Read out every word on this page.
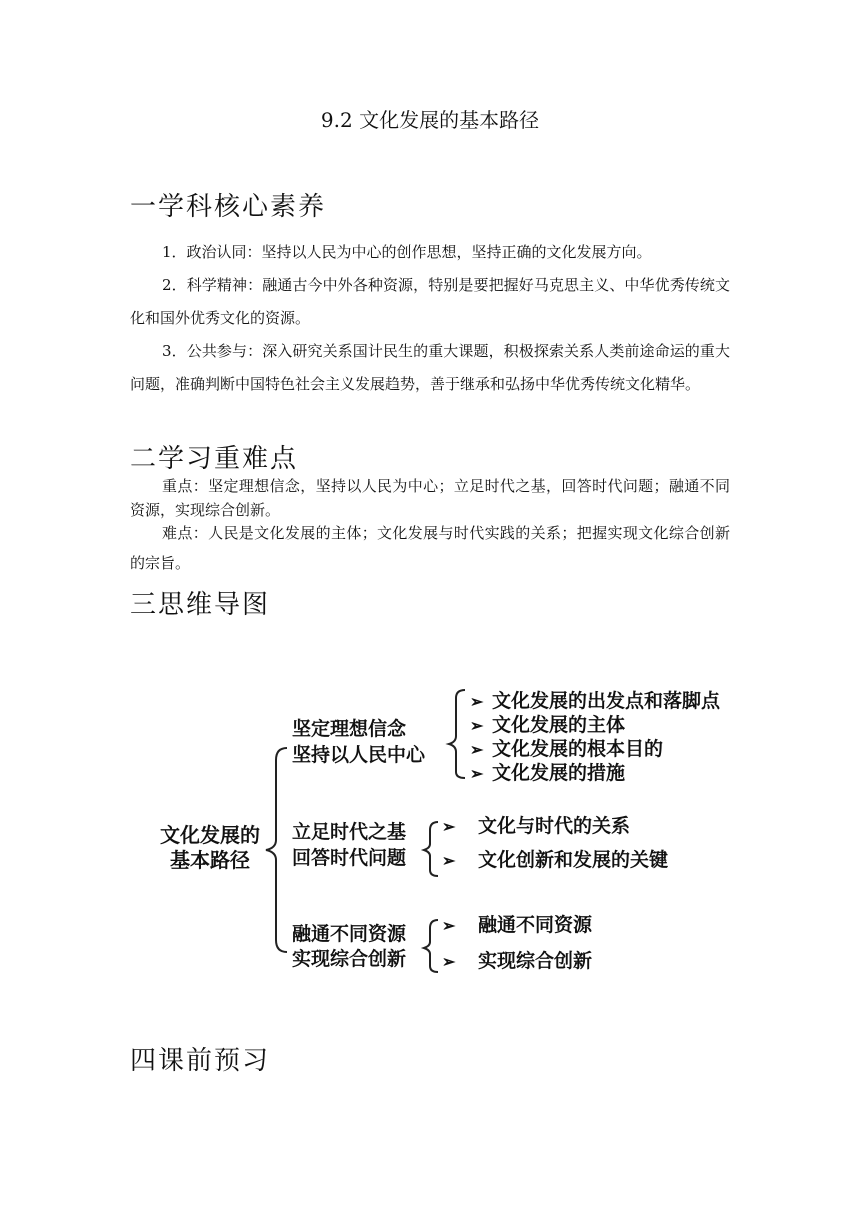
9.2 文化发展的基本路径
一学科核心素养

1．政治认同：坚持以人民为中心的创作思想，坚持正确的文化发展方向。

2．科学精神：融通古今中外各种资源，特别是要把握好马克思主义、中华优秀传统文化和国外优秀文化的资源。

3．公共参与：深入研究关系国计民生的重大课题，积极探索关系人类前途命运的重大问题，准确判断中国特色社会主义发展趋势，善于继承和弘扬中华优秀传统文化精华。

二学习重难点

重点：坚定理想信念，坚持以人民为中心；立足时代之基，回答时代问题；融通不同资源，实现综合创新。

难点：人民是文化发展的主体；文化发展与时代实践的关系；把握实现文化综合创新的宗旨。

三思维导图
文化发展的
基本路径
坚定理想信念
坚持以人民中心
➢ 文化发展的出发点和落脚点
➢ 文化发展的主体
➢ 文化发展的根本目的
➢ 文化发展的措施
立足时代之基
回答时代问题
➢ 文化与时代的关系
➢ 文化创新和发展的关键
融通不同资源
实现综合创新
➢ 融通不同资源
➢ 实现综合创新
四课前预习
